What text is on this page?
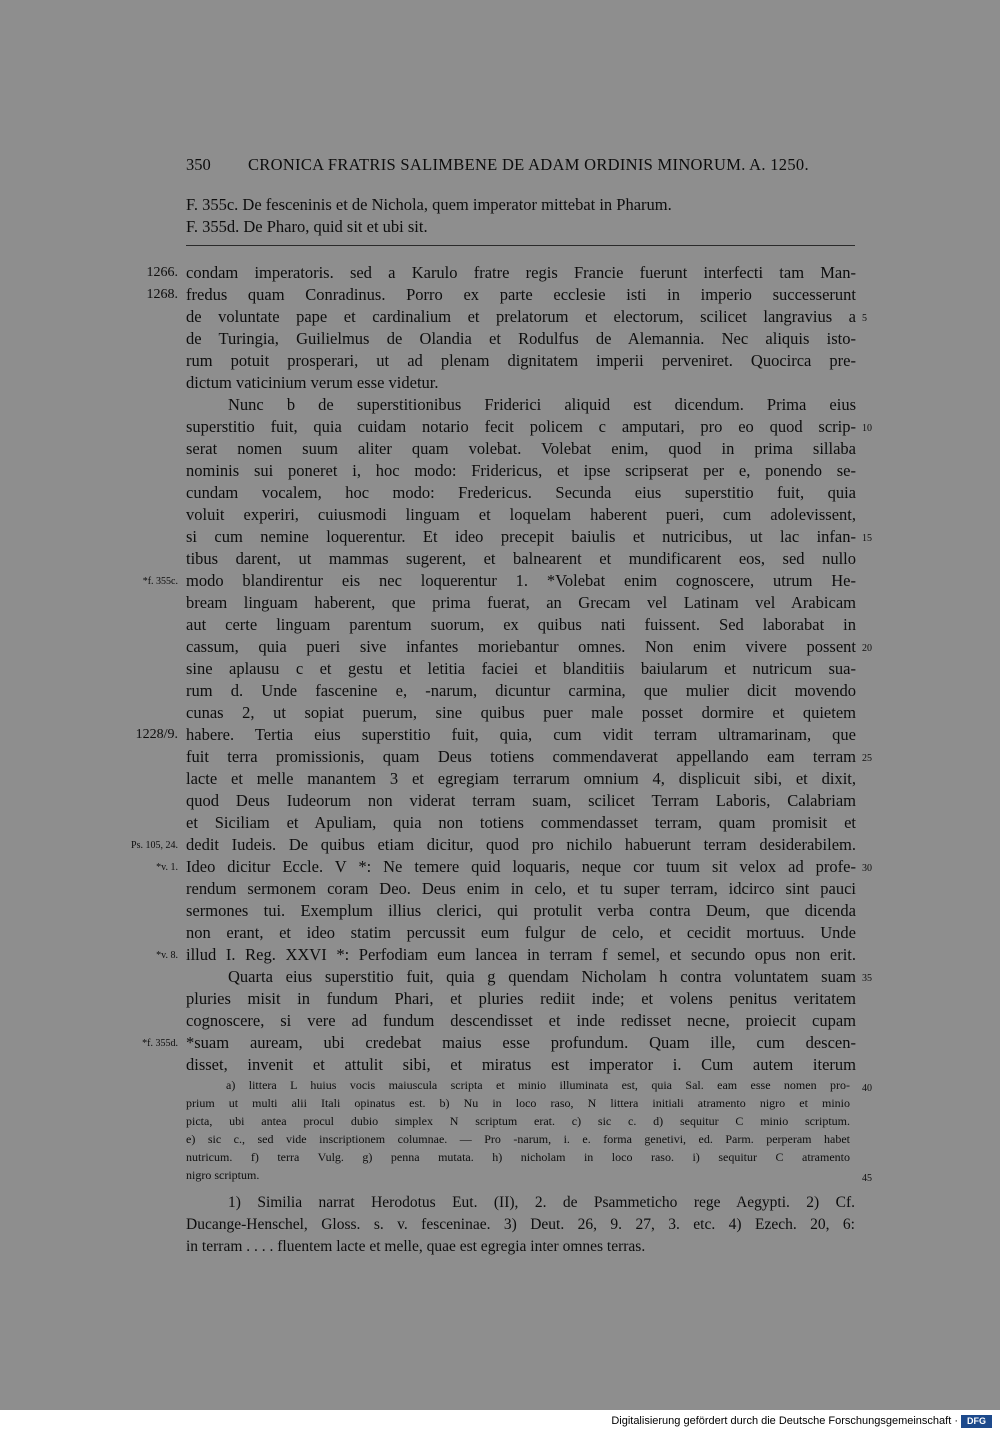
350 CRONICA FRATRIS SALIMBENE DE ADAM ORDINIS MINORUM. A. 1250.
F. 355c. De fesceninis et de Nichola, quem imperator mittebat in Pharum.
F. 355d. De Pharo, quid sit et ubi sit.
condam imperatoris. sed a Karulo fratre regis Francie fuerunt interfecti tam Man-
fredus quam Conradinus. Porro ex parte ecclesie isti in imperio successerunt
de voluntate pape et cardinalium et prelatorum et electorum, scilicet langravius a
de Turingia, Guilielmus de Olandia et Rodulfus de Alemannia. Nec aliquis isto-
rum potuit prosperari, ut ad plenam dignitatem imperii perveniret. Quocirca pre-
dictum vaticinium verum esse videtur.
Nunc b de superstitionibus Friderici aliquid est dicendum. Prima eius
superstitio fuit, quia cuidam notario fecit policem c amputari, pro eo quod scrip-
serat nomen suum aliter quam volebat. Volebat enim, quod in prima sillaba
nominis sui poneret i, hoc modo: Fridericus, et ipse scripserat per e, ponendo se-
cundam vocalem, hoc modo: Fredericus. Secunda eius superstitio fuit, quia
voluit experiri, cuiusmodi linguam et loquelam haberent pueri, cum adolevissent,
si cum nemine loquerentur. Et ideo precepit baiulis et nutricibus, ut lac infan-
tibus darent, ut mammas sugerent, et balnearent et mundificarent eos, sed nullo
modo blandirentur eis nec loquerentur 1. *Volebat enim cognoscere, utrum He-
bream linguam haberent, que prima fuerat, an Grecam vel Latinam vel Arabicam
aut certe linguam parentum suorum, ex quibus nati fuissent. Sed laborabat in
cassum, quia pueri sive infantes moriebantur omnes. Non enim vivere possent
sine aplausu c et gestu et letitia faciei et blanditiis baiularum et nutricum sua-
rum d. Unde fascenine e, -narum, dicuntur carmina, que mulier dicit movendo
cunas 2, ut sopiat puerum, sine quibus puer male posset dormire et quietem
habere. Tertia eius superstitio fuit, quia, cum vidit terram ultramarinam, que
fuit terra promissionis, quam Deus totiens commendaverat appellando eam terram
lacte et melle manantem 3 et egregiam terrarum omnium 4, displicuit sibi, et dixit,
quod Deus Iudeorum non viderat terram suam, scilicet Terram Laboris, Calabriam
et Siciliam et Apuliam, quia non totiens commendasset terram, quam promisit et
dedit Iudeis. De quibus etiam dicitur, quod pro nichilo habuerunt terram desiderabilem.
Ideo dicitur Eccle. V *: Ne temere quid loquaris, neque cor tuum sit velox ad profe-
rendum sermonem coram Deo. Deus enim in celo, et tu super terram, idcirco sint pauci
sermones tui. Exemplum illius clerici, qui protulit verba contra Deum, que dicenda
non erant, et ideo statim percussit eum fulgur de celo, et cecidit mortuus. Unde
illud I. Reg. XXVI *: Perfodiam eum lancea in terram f semel, et secundo opus non erit.
Quarta eius superstitio fuit, quia g quendam Nicholam h contra voluntatem suam
pluries misit in fundum Phari, et pluries rediit inde; et volens penitus veritatem
cognoscere, si vere ad fundum descendisset et inde redisset necne, proiecit cupam
*suam auream, ubi credebat maius esse profundum. Quam ille, cum descen-
disset, invenit et attulit sibi, et miratus est imperator i. Cum autem iterum
1266.
1268.
*f. 355c.
1228/9.
Ps. 105, 24.
*v. 1.
*v. 8.
*f. 355d.
5
10
15
20
25
30
35
40
45
a) littera L huius vocis maiuscula scripta et minio illuminata est, quia Sal. eam esse nomen pro-
prium ut multi alii Itali opinatus est. b) Nu in loco raso, N littera initiali atramento nigro et minio
picta, ubi antea procul dubio simplex N scriptum erat. c) sic c. d) sequitur C minio scriptum.
e) sic c., sed vide inscriptionem columnae. — Pro -narum, i. e. forma genetivi, ed. Parm. perperam habet
nutricum. f) terra Vulg. g) penna mutata. h) nicholam in loco raso. i) sequitur C atramento
nigro scriptum.
1) Similia narrat Herodotus Eut. (II), 2. de Psammeticho rege Aegypti. 2) Cf.
Ducange-Henschel, Gloss. s. v. fesceninae. 3) Deut. 26, 9. 27, 3. etc. 4) Ezech. 20, 6:
in terram . . . . fluentem lacte et melle, quae est egregia inter omnes terras.
Digitalisierung gefördert durch die Deutsche Forschungsgemeinschaft ·	DFG
